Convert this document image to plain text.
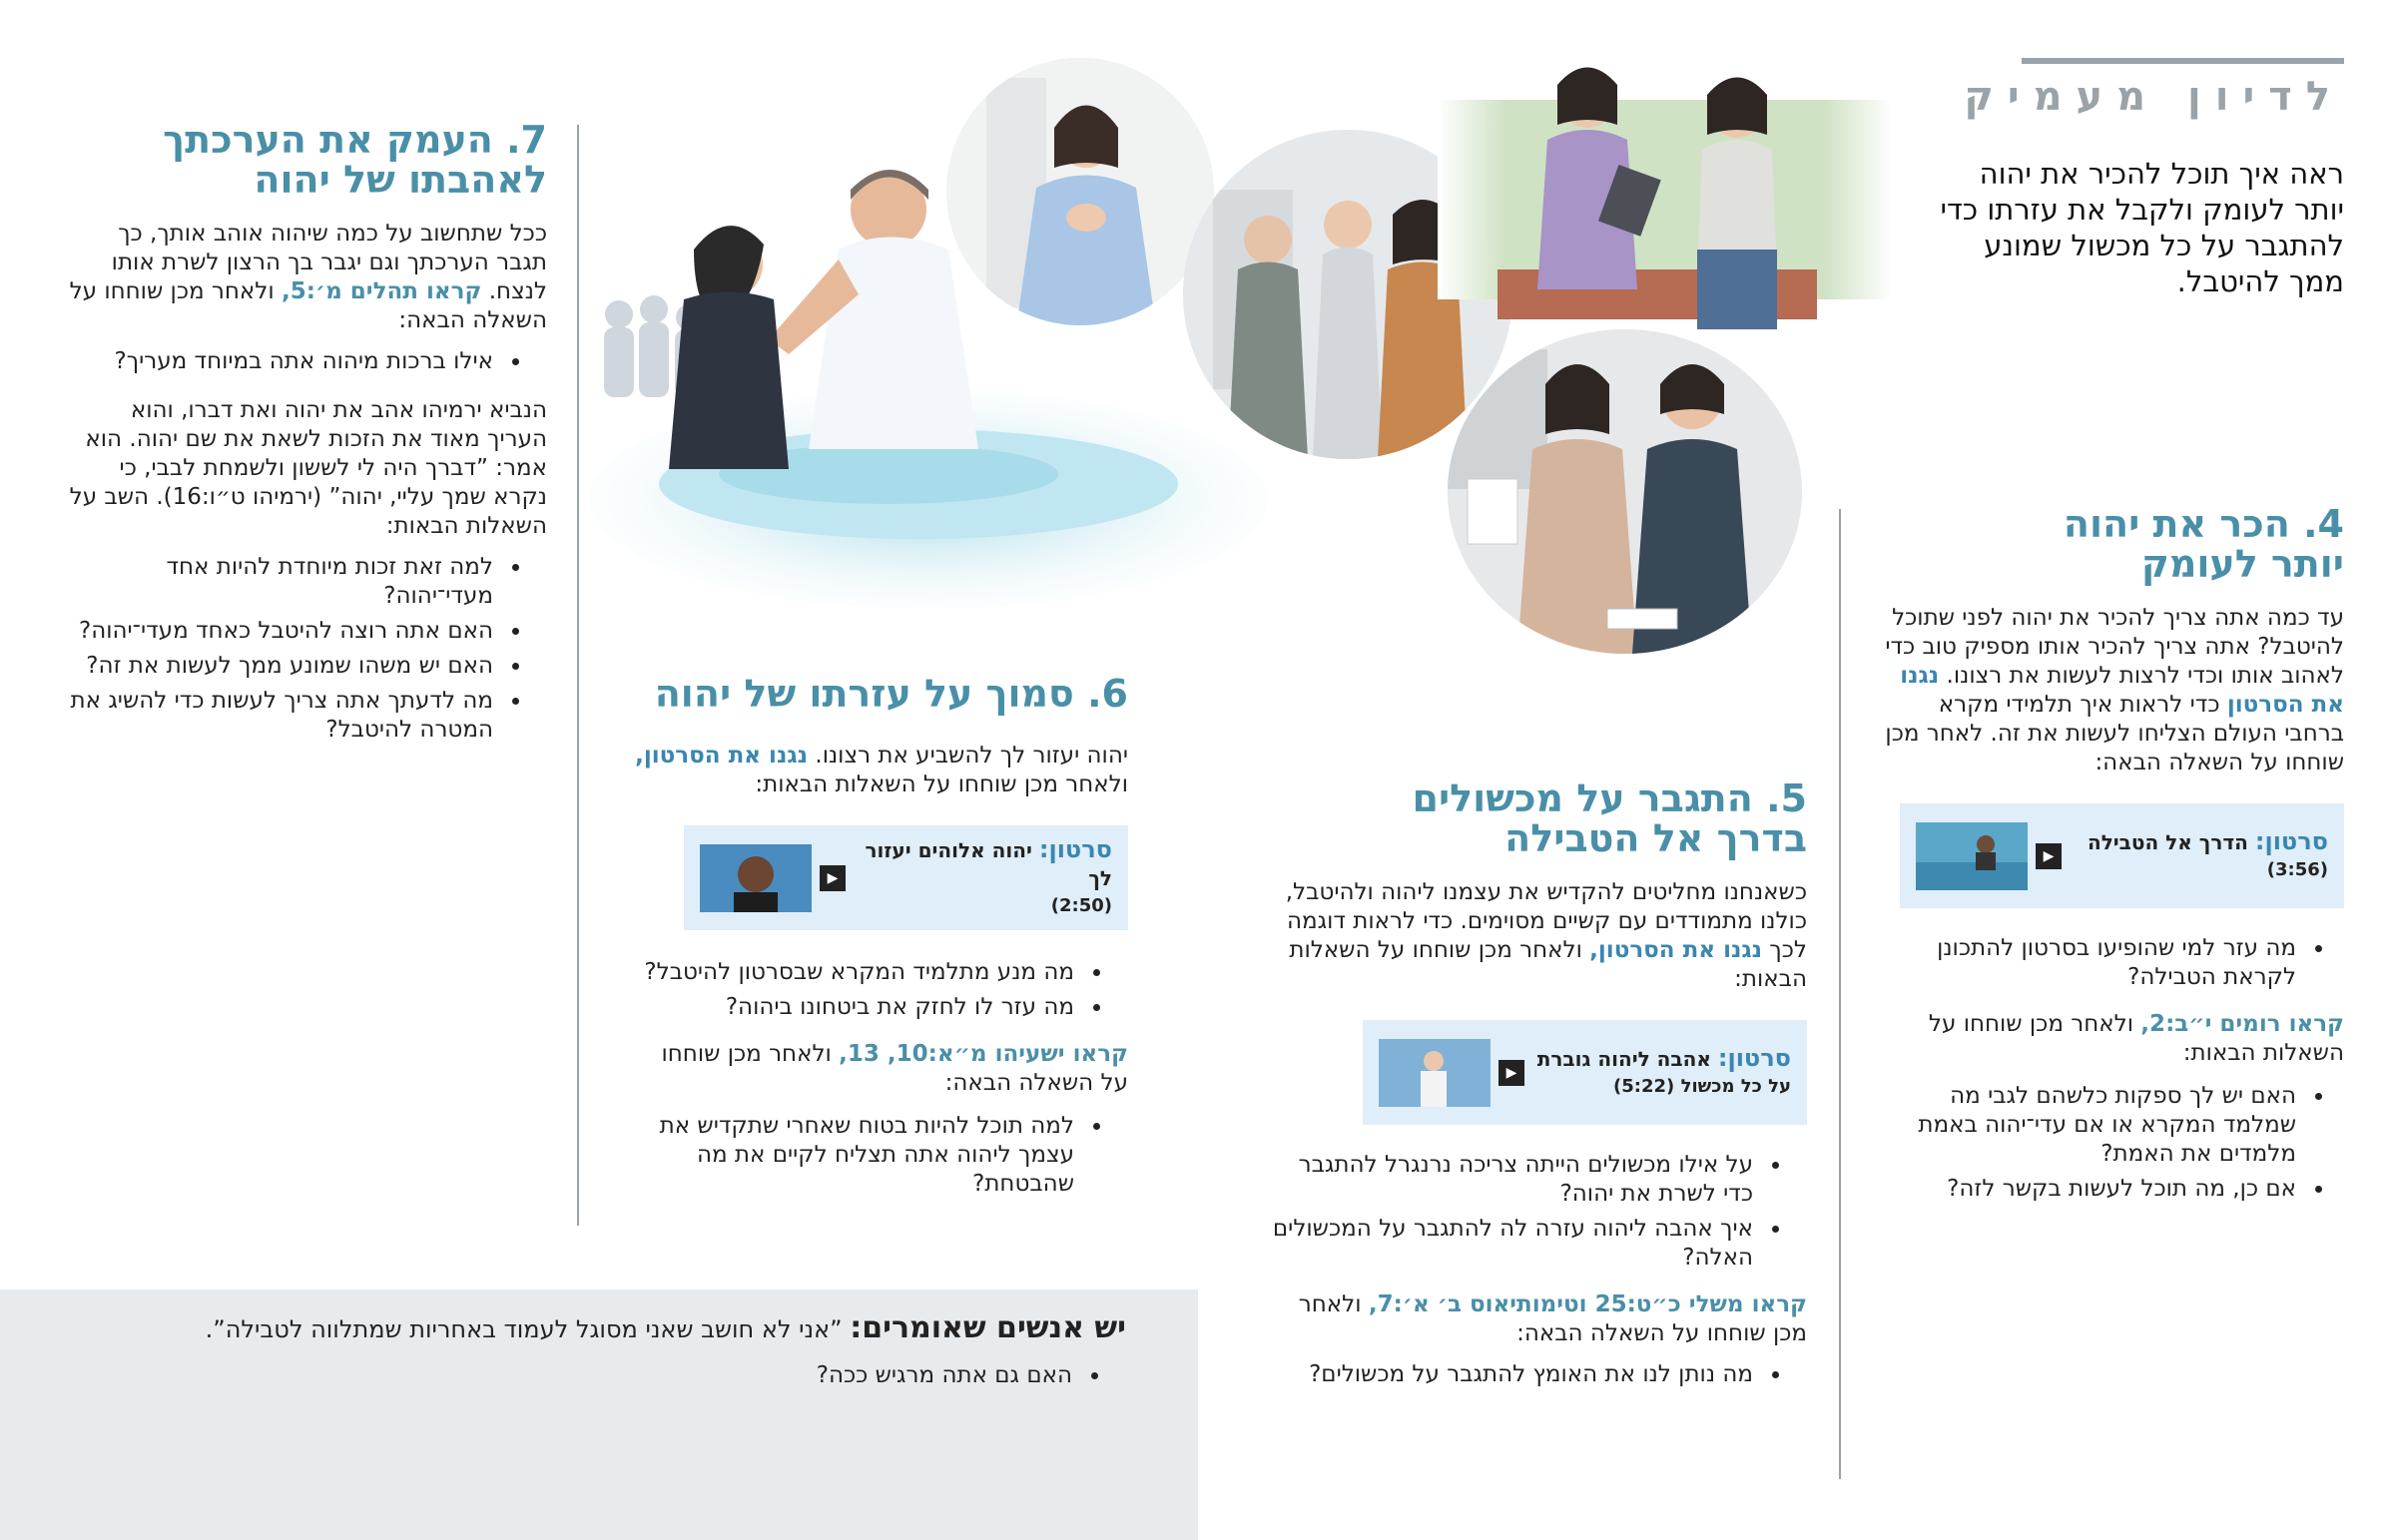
לדיון מעמיק

ראה איך תוכל להכיר את יהוה יותר לעומק ולקבל את עזרתו כדי להתגבר על כל מכשול שמונע ממך להיטבל.

4. הכר את יהוה
יותר לעומק

עד כמה אתה צריך להכיר את יהוה לפני שתוכל להיטבל? אתה צריך להכיר אותו מספיק טוב כדי לאהוב אותו וכדי לרצות לעשות את רצונו. נגנו את הסרטון כדי לראות איך תלמידי מקרא ברחבי העולם הצליחו לעשות את זה. לאחר מכן שוחחו על השאלה הבאה:

סרטון: הדרך אל הטבילה
(3:56)
▶
• מה עזר למי שהופיעו בסרטון להתכונן לקראת הטבילה?

קראו רומים י״ב:2, ולאחר מכן שוחחו על השאלות הבאות:

• האם יש לך ספקות כלשהם לגבי מה שמלמד המקרא או אם עדי־יהוה באמת מלמדים את האמת?
• אם כן, מה תוכל לעשות בקשר לזה?
5. התגבר על מכשולים
בדרך אל הטבילה

כשאנחנו מחליטים להקדיש את עצמנו ליהוה ולהיטבל, כולנו מתמודדים עם קשיים מסוימים. כדי לראות דוגמה לכך נגנו את הסרטון, ולאחר מכן שוחחו על השאלות הבאות:

סרטון: אהבה ליהוה גוברת
על כל מכשול (5:22)
▶
• על אילו מכשולים הייתה צריכה נרנגרל להתגבר כדי לשרת את יהוה?
• איך אהבה ליהוה עזרה לה להתגבר על המכשולים האלה?

קראו משלי כ״ט:25 וטימותיאוס ב׳ א׳:7, ולאחר מכן שוחחו על השאלה הבאה:

• מה נותן לנו את האומץ להתגבר על מכשולים?
6. סמוך על עזרתו של יהוה

יהוה יעזור לך להשביע את רצונו. נגנו את הסרטון, ולאחר מכן שוחחו על השאלות הבאות:

סרטון: יהוה אלוהים יעזור לך
(2:50)
▶
• מה מנע מתלמיד המקרא שבסרטון להיטבל?
• מה עזר לו לחזק את ביטחונו ביהוה?

קראו ישעיהו מ״א:10, 13, ולאחר מכן שוחחו על השאלה הבאה:

• למה תוכל להיות בטוח שאחרי שתקדיש את עצמך ליהוה אתה תצליח לקיים את מה שהבטחת?
7. העמק את הערכתך
לאהבתו של יהוה

ככל שתחשוב על כמה שיהוה אוהב אותך, כך תגבר הערכתך וגם יגבר בך הרצון לשרת אותו לנצח. קראו תהלים מ׳:5, ולאחר מכן שוחחו על השאלה הבאה:

• אילו ברכות מיהוה אתה במיוחד מעריך?

הנביא ירמיהו אהב את יהוה ואת דברו, והוא העריך מאוד את הזכות לשאת את שם יהוה. הוא אמר: ”דברך היה לי לששון ולשמחת לבבי, כי נקרא שמך עליי, יהוה” (ירמיהו ט״ו:16). השב על השאלות הבאות:

• למה זאת זכות מיוחדת להיות אחד מעדי־יהוה?
• האם אתה רוצה להיטבל כאחד מעדי־יהוה?
• האם יש משהו שמונע ממך לעשות את זה?
• מה לדעתך אתה צריך לעשות כדי להשיג את המטרה להיטבל?

יש אנשים שאומרים: ”אני לא חושב שאני מסוגל לעמוד באחריות שמתלווה לטבילה”.

• האם גם אתה מרגיש ככה?
